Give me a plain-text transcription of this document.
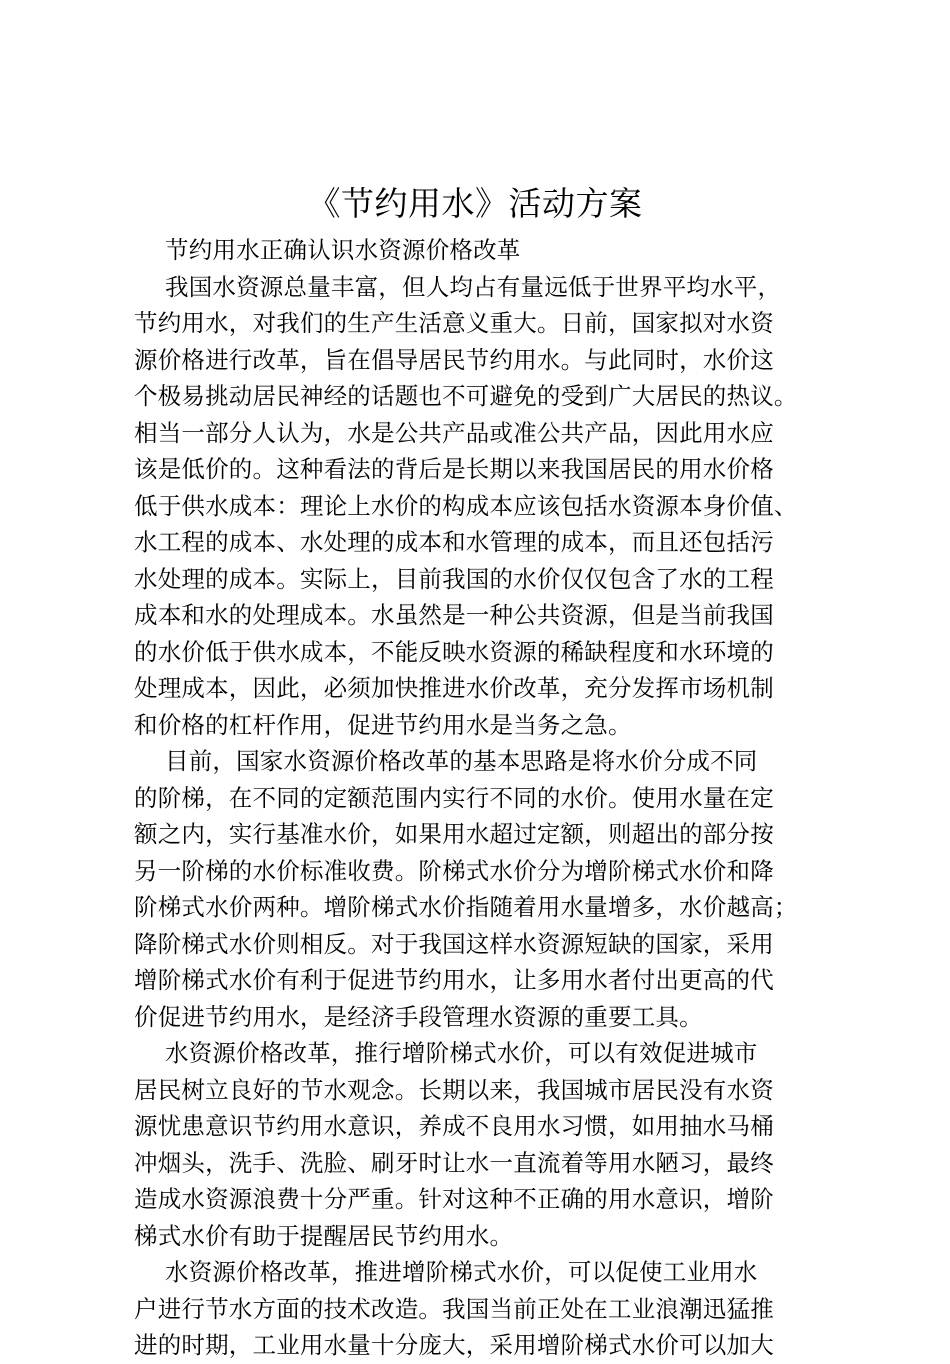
《节约用水》活动方案
节约用水正确认识水资源价格改革
我国水资源总量丰富，但人均占有量远低于世界平均水平，
节约用水，对我们的生产生活意义重大。日前，国家拟对水资
源价格进行改革，旨在倡导居民节约用水。与此同时，水价这
个极易挑动居民神经的话题也不可避免的受到广大居民的热议。
相当一部分人认为，水是公共产品或准公共产品，因此用水应
该是低价的。这种看法的背后是长期以来我国居民的用水价格
低于供水成本：理论上水价的构成本应该包括水资源本身价值、
水工程的成本、水处理的成本和水管理的成本，而且还包括污
水处理的成本。实际上，目前我国的水价仅仅包含了水的工程
成本和水的处理成本。水虽然是一种公共资源，但是当前我国
的水价低于供水成本，不能反映水资源的稀缺程度和水环境的
处理成本，因此，必须加快推进水价改革，充分发挥市场机制
和价格的杠杆作用，促进节约用水是当务之急。
目前，国家水资源价格改革的基本思路是将水价分成不同
的阶梯，在不同的定额范围内实行不同的水价。使用水量在定
额之内，实行基准水价，如果用水超过定额，则超出的部分按
另一阶梯的水价标准收费。阶梯式水价分为增阶梯式水价和降
阶梯式水价两种。增阶梯式水价指随着用水量增多，水价越高；
降阶梯式水价则相反。对于我国这样水资源短缺的国家，采用
增阶梯式水价有利于促进节约用水，让多用水者付出更高的代
价促进节约用水，是经济手段管理水资源的重要工具。
水资源价格改革，推行增阶梯式水价，可以有效促进城市
居民树立良好的节水观念。长期以来，我国城市居民没有水资
源忧患意识节约用水意识，养成不良用水习惯，如用抽水马桶
冲烟头，洗手、洗脸、刷牙时让水一直流着等用水陋习，最终
造成水资源浪费十分严重。针对这种不正确的用水意识，增阶
梯式水价有助于提醒居民节约用水。
水资源价格改革，推进增阶梯式水价，可以促使工业用水
户进行节水方面的技术改造。我国当前正处在工业浪潮迅猛推
进的时期，工业用水量十分庞大，采用增阶梯式水价可以加大
